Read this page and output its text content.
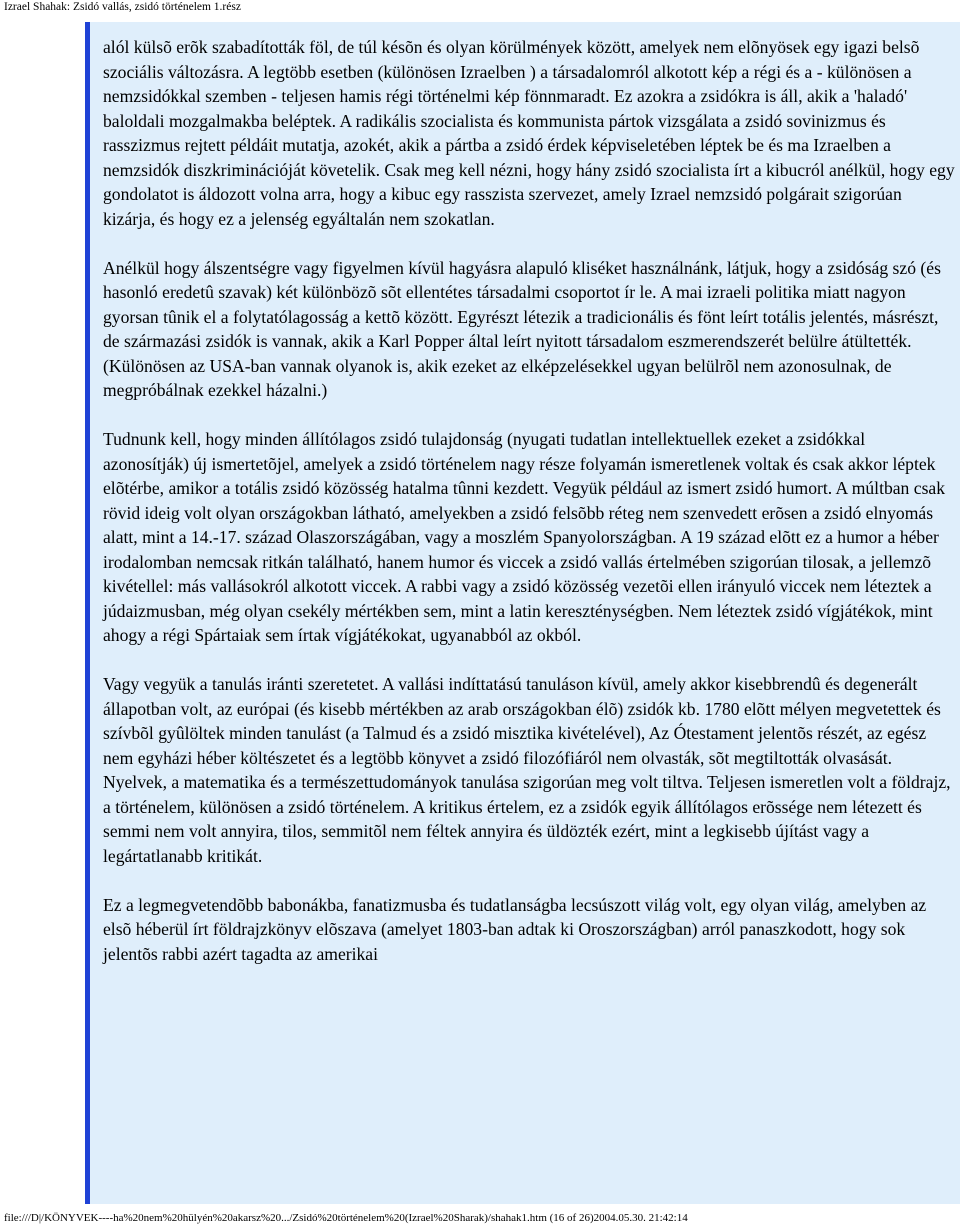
Izrael Shahak: Zsidó vallás, zsidó történelem 1.rész

alól külsõ erõk szabadították föl, de túl késõn és olyan körülmények között, amelyek nem elõnyösek egy igazi belsõ szociális változásra. A legtöbb esetben (különösen Izraelben ) a társadalomról alkotott kép a régi és a - különösen a nemzsidókkal szemben - teljesen hamis régi történelmi kép fönnmaradt. Ez azokra a zsidókra is áll, akik a 'haladó' baloldali mozgalmakba beléptek. A radikális szocialista és kommunista pártok vizsgálata a zsidó sovinizmus és rasszizmus rejtett példáit mutatja, azokét, akik a pártba a zsidó érdek képviseletében léptek be és ma Izraelben a nemzsidók diszkriminációját követelik. Csak meg kell nézni, hogy hány zsidó szocialista írt a kibucról anélkül, hogy egy gondolatot is áldozott volna arra, hogy a kibuc egy rasszista szervezet, amely Izrael nemzsidó polgárait szigorúan kizárja, és hogy ez a jelenség egyáltalán nem szokatlan.

Anélkül hogy álszentségre vagy figyelmen kívül hagyásra alapuló kliséket használnánk, látjuk, hogy a zsidóság szó (és hasonló eredetû szavak) két különbözõ sõt ellentétes társadalmi csoportot ír le. A mai izraeli politika miatt nagyon gyorsan tûnik el a folytatólagosság a kettõ között. Egyrészt létezik a tradicionális és fönt leírt totális jelentés, másrészt, de származási zsidók is vannak, akik a Karl Popper által leírt nyitott társadalom eszmerendszerét belülre átültették. (Különösen az USA-ban vannak olyanok is, akik ezeket az elképzelésekkel ugyan belülrõl nem azonosulnak, de megpróbálnak ezekkel házalni.)

Tudnunk kell, hogy minden állítólagos zsidó tulajdonság (nyugati tudatlan intellektuellek ezeket a zsidókkal azonosítják) új ismertetõjel, amelyek a zsidó történelem nagy része folyamán ismeretlenek voltak és csak akkor léptek elõtérbe, amikor a totális zsidó közösség hatalma tûnni kezdett. Vegyük például az ismert zsidó humort. A múltban csak rövid ideig volt olyan országokban látható, amelyekben a zsidó felsõbb réteg nem szenvedett erõsen a zsidó elnyomás alatt, mint a 14.-17. század Olaszországában, vagy a moszlém Spanyolországban. A 19 század elõtt ez a humor a héber irodalomban nemcsak ritkán található, hanem humor és viccek a zsidó vallás értelmében szigorúan tilosak, a jellemzõ kivétellel: más vallásokról alkotott viccek. A rabbi vagy a zsidó közösség vezetõi ellen irányuló viccek nem léteztek a júdaizmusban, még olyan csekély mértékben sem, mint a latin kereszténységben. Nem léteztek zsidó vígjátékok, mint ahogy a régi Spártaiak sem írtak vígjátékokat, ugyanabból az okból.

Vagy vegyük a tanulás iránti szeretetet. A vallási indíttatású tanuláson kívül, amely akkor kisebbrendû és degenerált állapotban volt, az európai (és kisebb mértékben az arab országokban élõ) zsidók kb. 1780 elõtt mélyen megvetettek és szívbõl gyûlöltek minden tanulást (a Talmud és a zsidó misztika kivételével), Az Ótestament jelentõs részét, az egész nem egyházi héber költészetet és a legtöbb könyvet a zsidó filozófiáról nem olvasták, sõt megtiltották olvasását. Nyelvek, a matematika és a természettudományok tanulása szigorúan meg volt tiltva. Teljesen ismeretlen volt a földrajz, a történelem, különösen a zsidó történelem. A kritikus értelem, ez a zsidók egyik állítólagos erõssége nem létezett és semmi nem volt annyira, tilos, semmitõl nem féltek annyira és üldözték ezért, mint a legkisebb újítást vagy a legártatlanabb kritikát.

Ez a legmegvetendõbb babonákba, fanatizmusba és tudatlanságba lecsúszott világ volt, egy olyan világ, amelyben az elsõ héberül írt földrajzkönyv elõszava (amelyet 1803-ban adtak ki Oroszországban) arról panaszkodott, hogy sok jelentõs rabbi azért tagadta az amerikai

file:///D|/KÖNYVEK----ha%20nem%20hülyén%20akarsz%20.../Zsidó%20történelem%20(Izrael%20Sharak)/shahak1.htm (16 of 26)2004.05.30. 21:42:14
